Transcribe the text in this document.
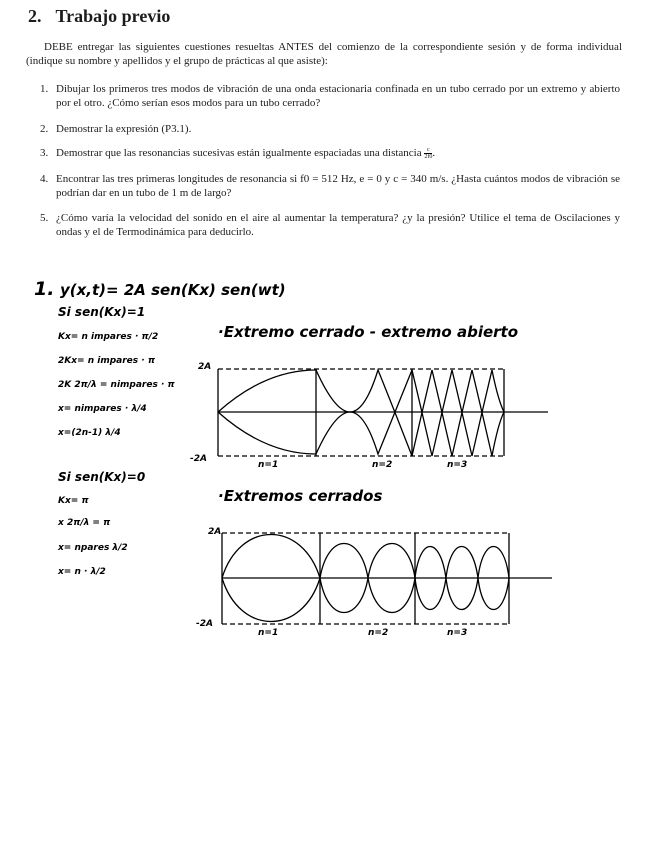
2. Trabajo previo
DEBE entregar las siguientes cuestiones resueltas ANTES del comienzo de la correspondiente sesión y de forma individual (indique su nombre y apellidos y el grupo de prácticas al que asiste):
1. Dibujar los primeros tres modos de vibración de una onda estacionaria confinada en un tubo cerrado por un extremo y abierto por el otro. ¿Cómo serían esos modos para un tubo cerrado?
2. Demostrar la expresión (P3.1).
3. Demostrar que las resonancias sucesivas están igualmente espaciadas una distancia $\frac{c}{2f0}$ .
4. Encontrar las tres primeras longitudes de resonancia si f0 = 512 Hz, e = 0 y c = 340 m/s. ¿Hasta cuántos modos de vibración se podrían dar en un tubo de 1 m de largo?
5. ¿Cómo varía la velocidad del sonido en el aire al aumentar la temperatura? ¿y la presión? Utilice el tema de Oscilaciones y ondas y el de Termodinámica para deducirlo.
1. y(x,t)= 2A sen(Kx) sen(wt)
Si sen(Kx)=1
Kx= n impares · π/2
2Kx= n impares · π
2K 2π/λ = nimpares · π
x= nimpares · λ/4
x=(2n-1) λ/4
Si sen(Kx)=0
Kx= π
x 2π/λ = π
x= npares λ/2
x= n · λ/2
·Extremo cerrado - extremo abierto
2A
-2A
n=1	n=2	n=3
·Extremos cerrados
2A
-2A
n=1	n=2	n=3
